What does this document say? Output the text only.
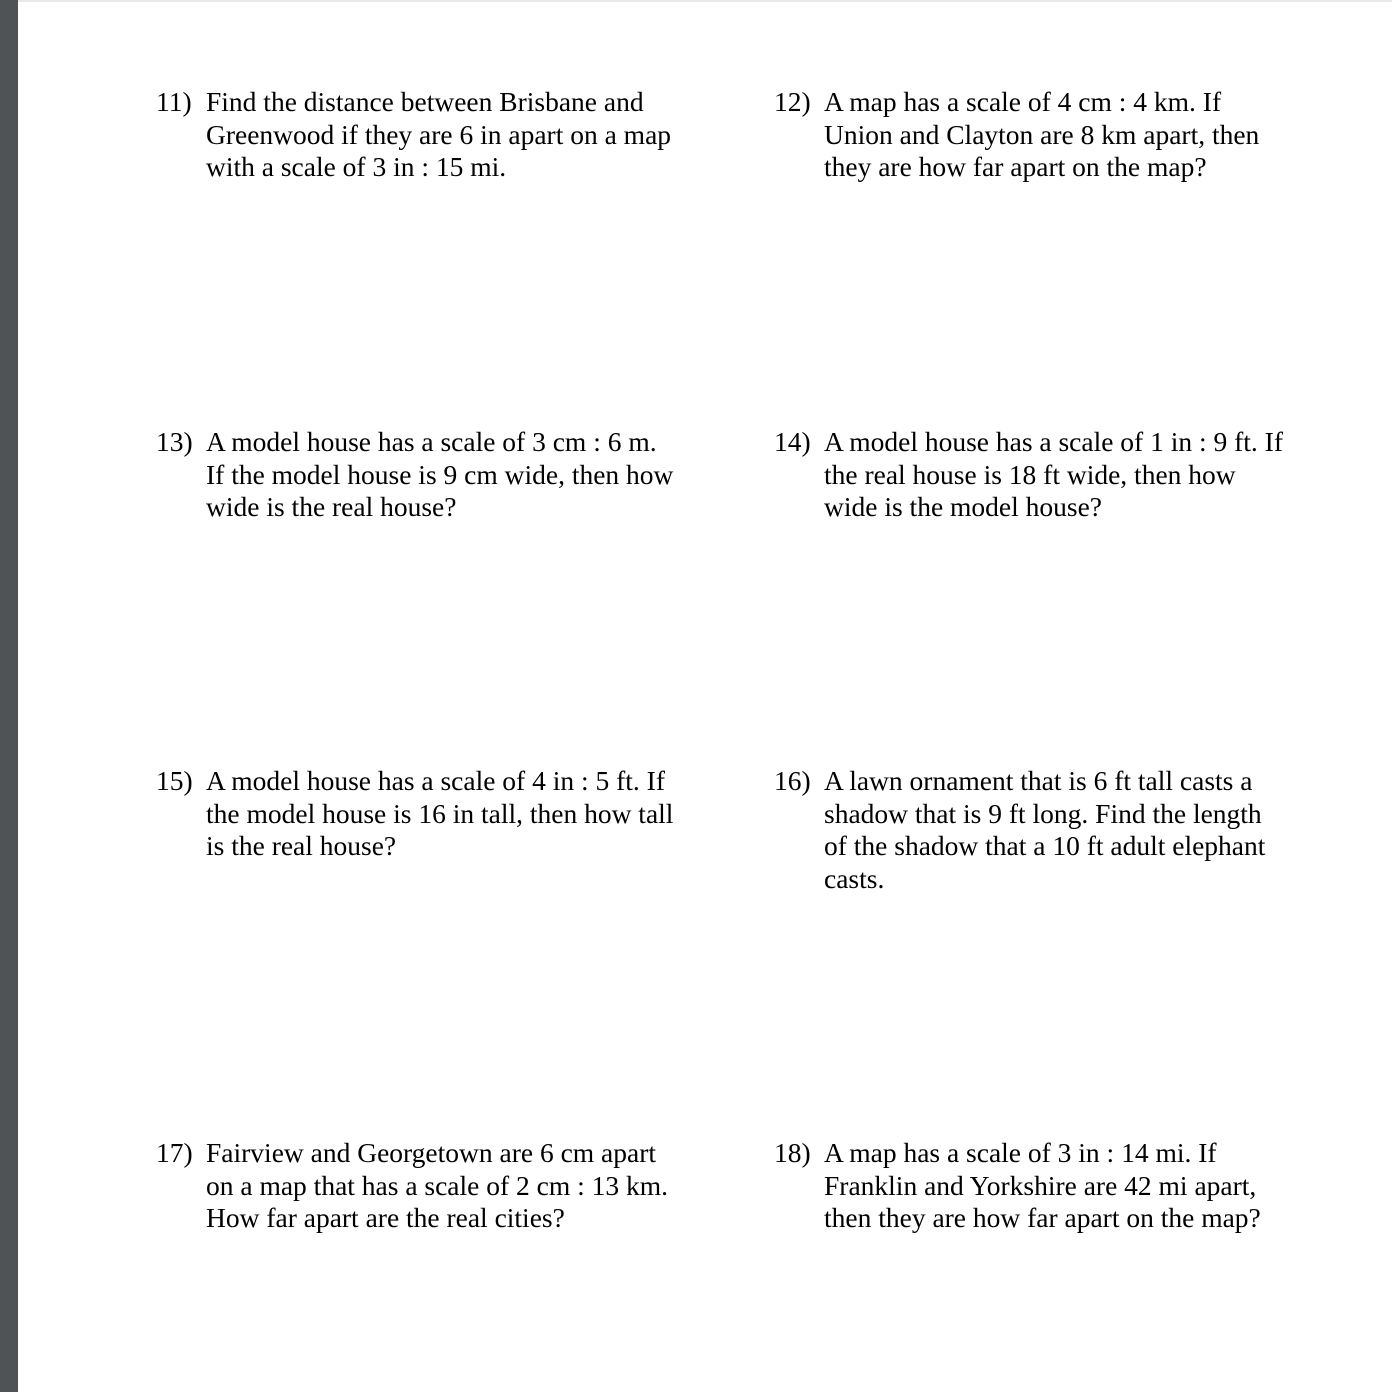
11) Find the distance between Brisbane and
Greenwood if they are 6 in apart on a map
with a scale of 3 in : 15 mi.
12) A map has a scale of 4 cm : 4 km. If
Union and Clayton are 8 km apart, then
they are how far apart on the map?
13) A model house has a scale of 3 cm : 6 m.
If the model house is 9 cm wide, then how
wide is the real house?
14) A model house has a scale of 1 in : 9 ft. If
the real house is 18 ft wide, then how
wide is the model house?
15) A model house has a scale of 4 in : 5 ft. If
the model house is 16 in tall, then how tall
is the real house?
16) A lawn ornament that is 6 ft tall casts a
shadow that is 9 ft long. Find the length
of the shadow that a 10 ft adult elephant
casts.
17) Fairview and Georgetown are 6 cm apart
on a map that has a scale of 2 cm : 13 km.
How far apart are the real cities?
18) A map has a scale of 3 in : 14 mi. If
Franklin and Yorkshire are 42 mi apart,
then they are how far apart on the map?
